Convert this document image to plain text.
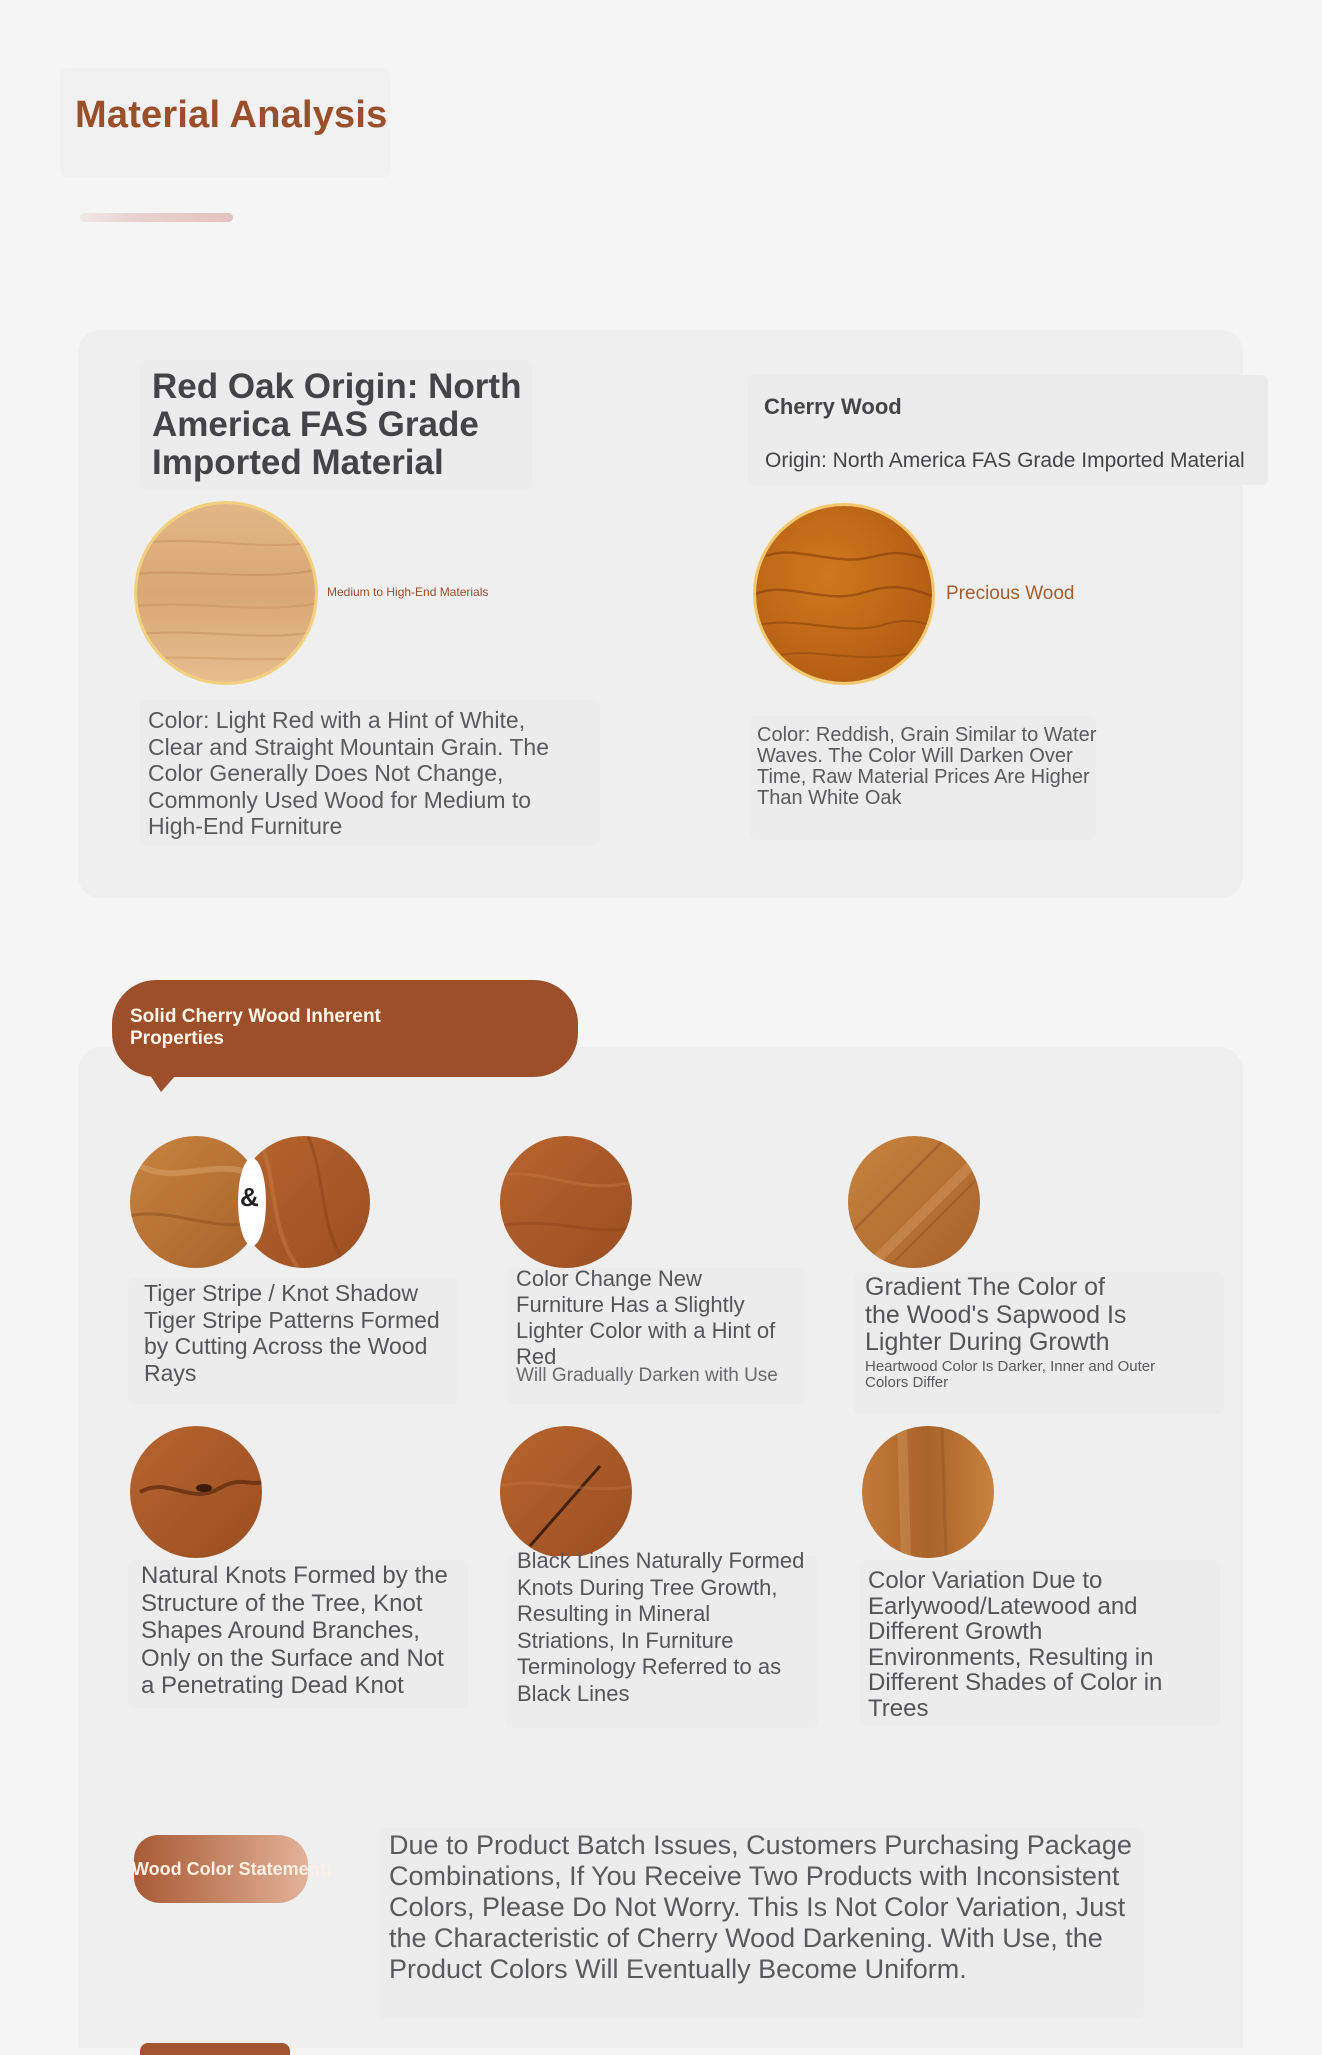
Material Analysis
Red Oak Origin: North America FAS Grade Imported Material
Medium to High-End Materials
Color: Light Red with a Hint of White, Clear and Straight Mountain Grain. The Color Generally Does Not Change, Commonly Used Wood for Medium to High-End Furniture
Cherry Wood
Origin: North America FAS Grade Imported Material
Precious Wood
Color: Reddish, Grain Similar to Water Waves. The Color Will Darken Over Time, Raw Material Prices Are Higher Than White Oak
Solid Cherry Wood Inherent Properties
&
Tiger Stripe / Knot Shadow Tiger Stripe Patterns Formed by Cutting Across the Wood Rays
Color Change New Furniture Has a Slightly Lighter Color with a Hint of Red
Will Gradually Darken with Use
Gradient The Color of the Wood's Sapwood Is Lighter During Growth
Heartwood Color Is Darker, Inner and Outer Colors Differ
Natural Knots Formed by the Structure of the Tree, Knot Shapes Around Branches, Only on the Surface and Not a Penetrating Dead Knot
Black Lines Naturally Formed Knots During Tree Growth, Resulting in Mineral Striations, In Furniture Terminology Referred to as Black Lines
Color Variation Due to Earlywood/Latewood and Different Growth Environments, Resulting in Different Shades of Color in Trees
Wood Color Statement:
Due to Product Batch Issues, Customers Purchasing Package Combinations, If You Receive Two Products with Inconsistent Colors, Please Do Not Worry. This Is Not Color Variation, Just the Characteristic of Cherry Wood Darkening. With Use, the Product Colors Will Eventually Become Uniform.
